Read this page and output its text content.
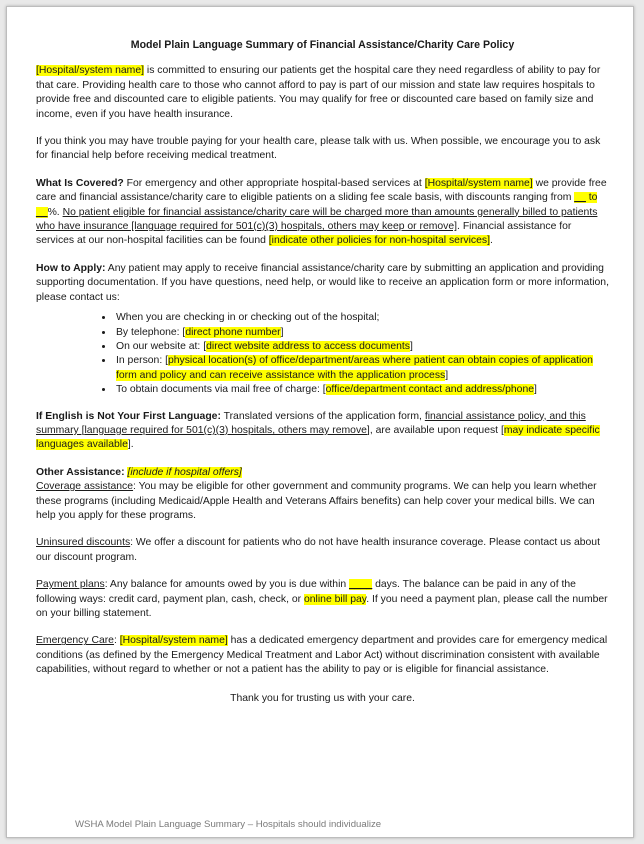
Model Plain Language Summary of Financial Assistance/Charity Care Policy

[Hospital/system name] is committed to ensuring our patients get the hospital care they need regardless of ability to pay for that care. Providing health care to those who cannot afford to pay is part of our mission and state law requires hospitals to provide free and discounted care to eligible patients. You may qualify for free or discounted care based on family size and income, even if you have health insurance.

If you think you may have trouble paying for your health care, please talk with us. When possible, we encourage you to ask for financial help before receiving medical treatment.

What Is Covered? For emergency and other appropriate hospital-based services at [Hospital/system name] we provide free care and financial assistance/charity care to eligible patients on a sliding fee scale basis, with discounts ranging from __ to __%. No patient eligible for financial assistance/charity care will be charged more than amounts generally billed to patients who have insurance [language required for 501(c)(3) hospitals, others may keep or remove]. Financial assistance for services at our non-hospital facilities can be found [indicate other policies for non-hospital services].

How to Apply: Any patient may apply to receive financial assistance/charity care by submitting an application and providing supporting documentation. If you have questions, need help, or would like to receive an application form or more information, please contact us:

• When you are checking in or checking out of the hospital;
• By telephone: [direct phone number]
• On our website at: [direct website address to access documents]
• In person: [physical location(s) of office/department/areas where patient can obtain copies of application form and policy and can receive assistance with the application process]
• To obtain documents via mail free of charge: [office/department contact and address/phone]

If English is Not Your First Language: Translated versions of the application form, financial assistance policy, and this summary [language required for 501(c)(3) hospitals, others may remove], are available upon request [may indicate specific languages available].

Other Assistance: [include if hospital offers]
Coverage assistance: You may be eligible for other government and community programs. We can help you learn whether these programs (including Medicaid/Apple Health and Veterans Affairs benefits) can help cover your medical bills. We can help you apply for these programs.

Uninsured discounts: We offer a discount for patients who do not have health insurance coverage. Please contact us about our discount program.

Payment plans: Any balance for amounts owed by you is due within ____ days. The balance can be paid in any of the following ways: credit card, payment plan, cash, check, or online bill pay. If you need a payment plan, please call the number on your billing statement.

Emergency Care: [Hospital/system name] has a dedicated emergency department and provides care for emergency medical conditions (as defined by the Emergency Medical Treatment and Labor Act) without discrimination consistent with available capabilities, without regard to whether or not a patient has the ability to pay or is eligible for financial assistance.

Thank you for trusting us with your care.
WSHA Model Plain Language Summary – Hospitals should individualize
